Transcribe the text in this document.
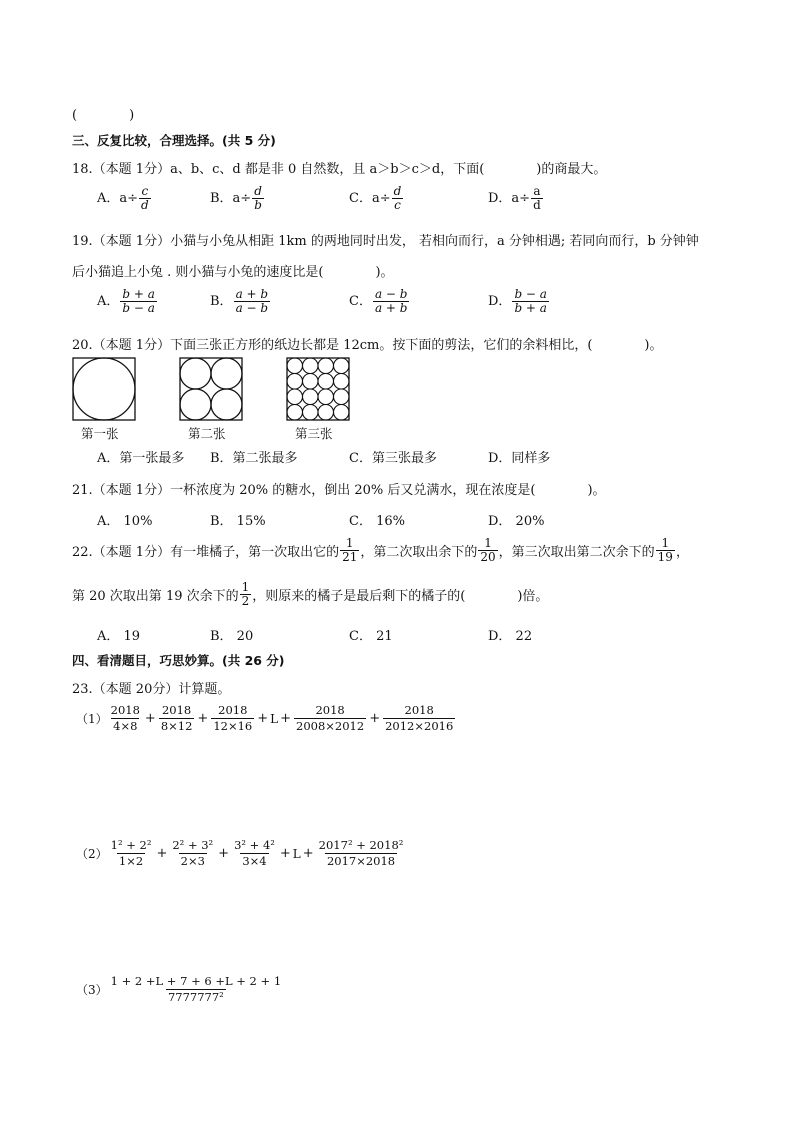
(　　　　)
三、反复比较，合理选择。(共 5 分)
18.（本题 1分）a、b、c、d 都是非 0 自然数，且 a＞b＞c＞d，下面(　　　　)的商最大。
A．$a\div \frac{c}{d}$	B．$a\div \frac{d}{b}$	C．$a\div \frac{d}{c}$	D．$a\div \frac{a}{d}$
19.（本题 1分）小猫与小兔从相距 1km 的两地同时出发， 若相向而行，a 分钟相遇; 若同向而行，b 分钟钟
后小猫追上小兔 . 则小猫与小兔的速度比是(　　　　)。
A． $\frac{b + a}{b - a}$	B． $\frac{a + b}{a - b}$	C． $\frac{a - b}{a + b}$	D． $\frac{b - a}{b + a}$
20.（本题 1分）下面三张正方形的纸边长都是 12cm。按下面的剪法，它们的余料相比，(　　　　)。
第一张	第二张	第三张
A．第一张最多 B．第二张最多	C．第三张最多	D．同样多
21.（本题 1分）一杯浓度为 20% 的糖水，倒出 20% 后又兑满水，现在浓度是(　　　　)。
A． 10%	B． 15%	C． 16%	D． 20%
22.（本题 1分）有一堆橘子，第一次取出它的 $\frac{1}{21}$ ，第二次取出余下的 $\frac{1}{20}$ ，第三次取出第二次余下的 $\frac{1}{19}$ ，
第 20 次取出第 19 次余下的 $\frac{1}{2}$ ，则原来的橘子是最后剩下的橘子的(　　　　)倍。
A． 19	B． 20	C． 21	D． 22
四、看清题目，巧思妙算。(共 26 分)
23.（本题 20分）计算题。
$(1) \frac{2018}{4\times 8} + \frac{2018}{8\times 12} + \frac{2018}{12\times 16} + L + \frac{2018}{2008\times 2012} + \frac{2018}{2012\times 2016}$
$(2) \frac{\text{1² + 2²}}{1\times 2} + \frac{\text{2² + 3²}}{2\times 3} + \frac{\text{3² + 4²}}{3\times 4} + L + \frac{\text{2017² + 2018²}}{2017\times 2018}$
$(3) \frac{1 + 2 +L + 7 + 6 +L + 2 + 1}{\text{7777777²}}$
